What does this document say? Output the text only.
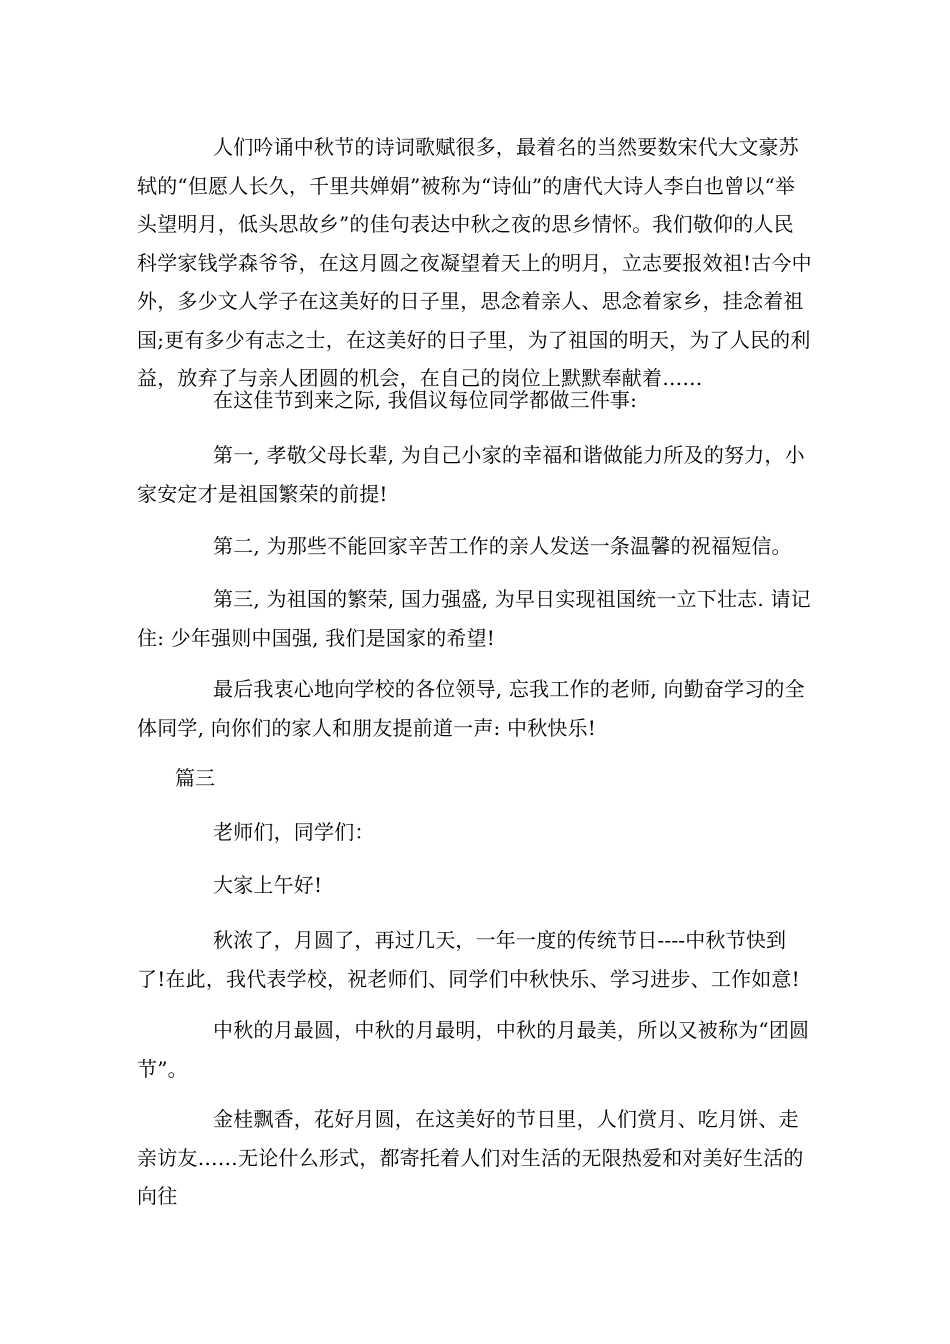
人们吟诵中秋节的诗词歌赋很多，最着名的当然要数宋代大文豪苏轼的“但愿人长久，千里共婵娟”被称为“诗仙”的唐代大诗人李白也曾以“举头望明月，低头思故乡”的佳句表达中秋之夜的思乡情怀。我们敬仰的人民科学家钱学森爷爷，在这月圆之夜凝望着天上的明月，立志要报效祖!古今中外，多少文人学子在这美好的日子里，思念着亲人、思念着家乡，挂念着祖国;更有多少有志之士，在这美好的日子里，为了祖国的明天，为了人民的利益，放弃了与亲人团圆的机会，在自己的岗位上默默奉献着……

在这佳节到来之际, 我倡议每位同学都做三件事:

第一, 孝敬父母长辈, 为自己小家的幸福和谐做能力所及的努力，小家安定才是祖国繁荣的前提!

第二, 为那些不能回家辛苦工作的亲人发送一条温馨的祝福短信。

第三, 为祖国的繁荣, 国力强盛, 为早日实现祖国统一立下壮志. 请记住: 少年强则中国强, 我们是国家的希望!

最后我衷心地向学校的各位领导, 忘我工作的老师, 向勤奋学习的全体同学, 向你们的家人和朋友提前道一声: 中秋快乐!

篇三

老师们，同学们：

大家上午好!

秋浓了，月圆了，再过几天，一年一度的传统节日----中秋节快到了!在此，我代表学校，祝老师们、同学们中秋快乐、学习进步、工作如意!

中秋的月最圆，中秋的月最明，中秋的月最美，所以又被称为“团圆节”。

金桂飘香，花好月圆，在这美好的节日里，人们赏月、吃月饼、走亲访友……无论什么形式，都寄托着人们对生活的无限热爱和对美好生活的向往
